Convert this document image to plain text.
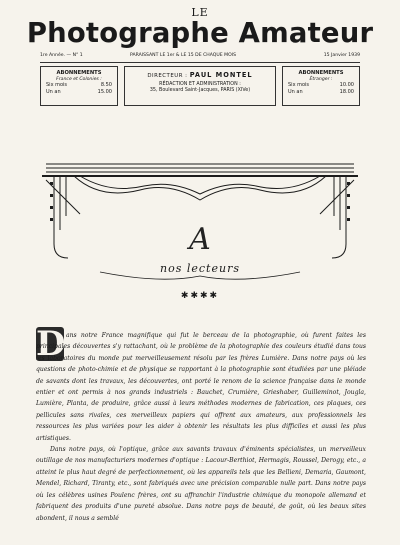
LE
Photographe Amateur
1re Année. — N° 1	PARAISSANT LE 1er & LE 15 DE CHAQUE MOIS	15 Janvier 1939
ABONNEMENTS
France et Colonies :
Six mois	8.50
Un an	15.00
DIRECTEUR : PAUL MONTEL
RÉDACTION ET ADMINISTRATION :
35, Boulevard Saint-Jacques, PARIS (XIVe)
ABONNEMENTS
Étranger :
Six mois	10.00
Un an	18.00
A
nos lecteurs
✱✱✱✱
D ans notre France magnifique qui fut le berceau de la photographie, où furent faites les principales découvertes s'y rattachant, où le problème de la photographie des couleurs étudié dans tous les laboratoires du monde put merveilleusement résolu par les frères Lumière. Dans notre pays où les questions de photo-chimie et de physique se rapportant à la photographie sont étudiées par une pléiade de savants dont les travaux, les découvertes, ont porté le renom de la science française dans le monde entier et ont permis à nos grands industriels : Bauchet, Crumière, Grieshaber, Guilleminot, Jougla, Lumière, Planta, de produire, grâce aussi à leurs méthodes modernes de fabrication, ces plaques, ces pellicules sans rivales, ces merveilleux papiers qui offrent aux amateurs, aux professionnels les ressources les plus variées pour les aider à obtenir les résultats les plus difficiles et aussi les plus artistiques.

Dans notre pays, où l'optique, grâce aux savants travaux d'éminents spécialistes, un merveilleux outillage de nos manufacturiers modernes d'optique : Lacour-Berthiot, Hermagis, Roussel, Derogy, etc., a atteint le plus haut degré de perfectionnement, où les appareils tels que les Bellieni, Demaria, Gaumont, Mendel, Richard, Tiranty, etc., sont fabriqués avec une précision comparable nulle part. Dans notre pays où les célèbres usines Poulenc frères, ont su affranchir l'industrie chimique du monopole allemand et fabriquent des produits d'une pureté absolue. Dans notre pays de beauté, de goût, où les beaux sites abondent, il nous a semblé
